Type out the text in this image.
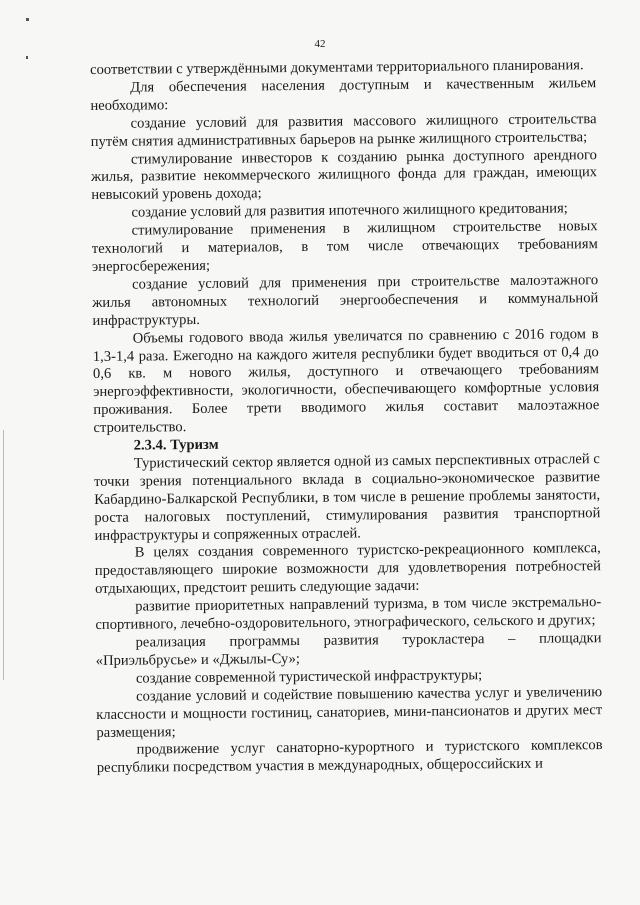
42

соответствии с утверждёнными документами территориального планирования.

Для обеспечения населения доступным и качественным жильем необходимо:

создание условий для развития массового жилищного строительства путём снятия административных барьеров на рынке жилищного строительства;

стимулирование инвесторов к созданию рынка доступного арендного жилья, развитие некоммерческого жилищного фонда для граждан, имеющих невысокий уровень дохода;

создание условий для развития ипотечного жилищного кредитования;

стимулирование применения в жилищном строительстве новых технологий и материалов, в том числе отвечающих требованиям энергосбережения;

создание условий для применения при строительстве малоэтажного жилья автономных технологий энергообеспечения и коммунальной инфраструктуры.

Объемы годового ввода жилья увеличатся по сравнению с 2016 годом в 1,3-1,4 раза. Ежегодно на каждого жителя республики будет вводиться от 0,4 до 0,6 кв. м нового жилья, доступного и отвечающего требованиям энергоэффективности, экологичности, обеспечивающего комфортные условия проживания. Более трети вводимого жилья составит малоэтажное строительство.

2.3.4. Туризм

Туристический сектор является одной из самых перспективных отраслей с точки зрения потенциального вклада в социально-экономическое развитие Кабардино-Балкарской Республики, в том числе в решение проблемы занятости, роста налоговых поступлений, стимулирования развития транспортной инфраструктуры и сопряженных отраслей.

В целях создания современного туристско-рекреационного комплекса, предоставляющего широкие возможности для удовлетворения потребностей отдыхающих, предстоит решить следующие задачи:

развитие приоритетных направлений туризма, в том числе экстремально-спортивного, лечебно-оздоровительного, этнографического, сельского и других;

реализация программы развития турокластера – площадки «Приэльбрусье» и «Джылы-Су»;

создание современной туристической инфраструктуры;

создание условий и содействие повышению качества услуг и увеличению классности и мощности гостиниц, санаториев, мини-пансионатов и других мест размещения;

продвижение услуг санаторно-курортного и туристского комплексов республики посредством участия в международных, общероссийских и
